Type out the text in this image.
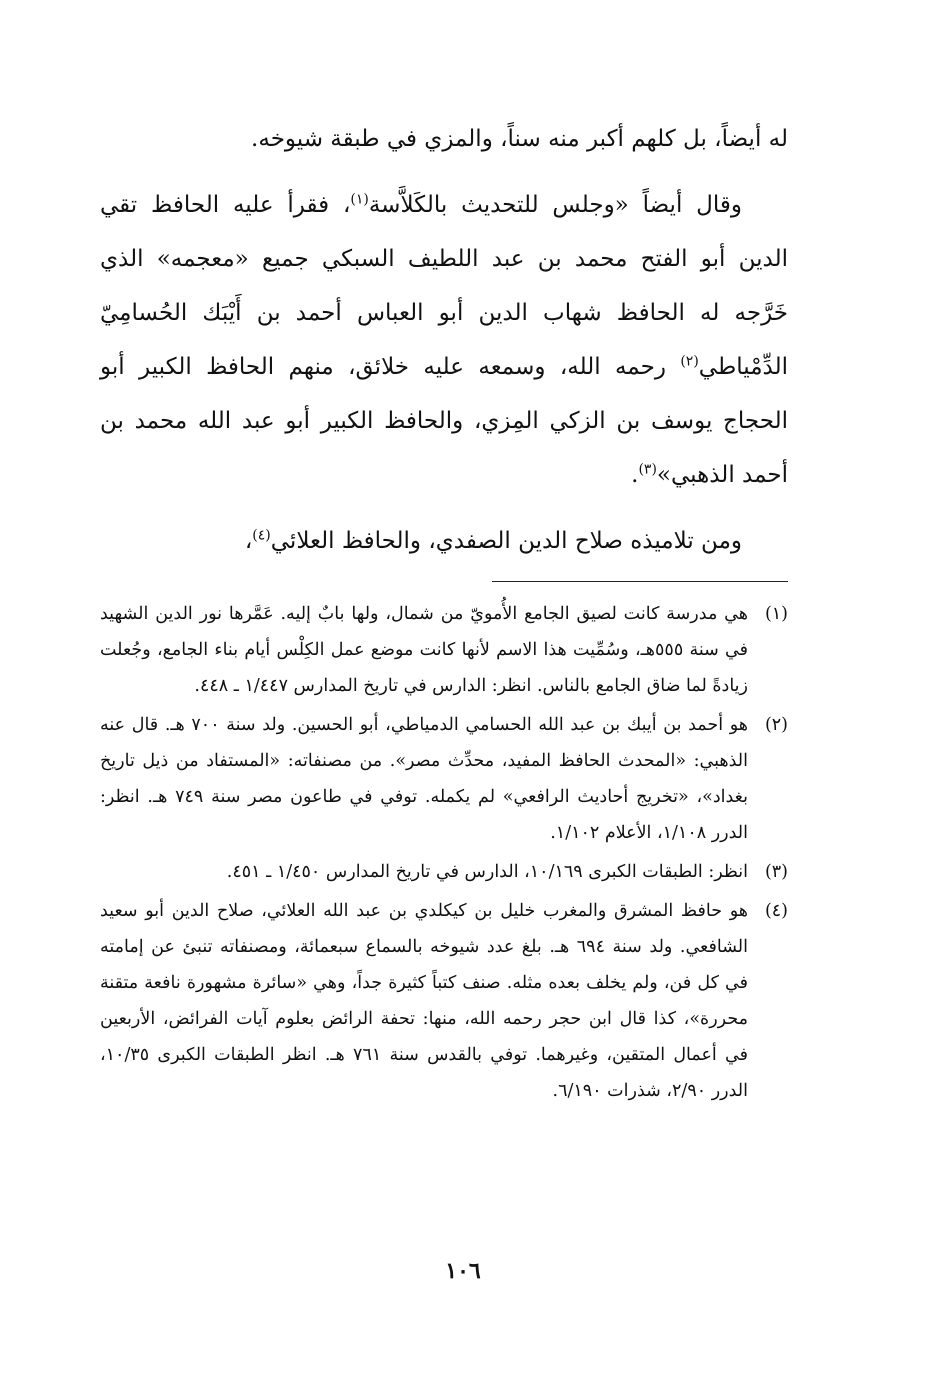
له أيضاً، بل كلهم أكبر منه سناً، والمزي في طبقة شيوخه.

وقال أيضاً «وجلس للتحديث بالكَلاَّسة$^{(١)}$، فقرأ عليه الحافظ تقي الدين أبو الفتح محمد بن عبد اللطيف السبكي جميع «معجمه» الذي خَرَّجه له الحافظ شهاب الدين أبو العباس أحمد بن أَيْبَك الحُسامِيّ الدِّمْياطي$^{(٢)}$ رحمه الله، وسمعه عليه خلائق، منهم الحافظ الكبير أبو الحجاج يوسف بن الزكي المِزي، والحافظ الكبير أبو عبد الله محمد بن أحمد الذهبي»$^{(٣)}$.

ومن تلاميذه صلاح الدين الصفدي، والحافظ العلائي$^{(٤)}$،

(١)
هي مدرسة كانت لصيق الجامع الأُمويّ من شمال، ولها بابٌ إليه. عَمَّرها نور الدين الشهيد في سنة ٥٥٥هـ، وسُمِّيت هذا الاسم لأنها كانت موضع عمل الكِلْس أيام بناء الجامع، وجُعلت زيادةً لما ضاق الجامع بالناس. انظر: الدارس في تاريخ المدارس ١/٤٤٧ ـ ٤٤٨.
(٢)
هو أحمد بن أيبك بن عبد الله الحسامي الدمياطي، أبو الحسين. ولد سنة ٧٠٠ هـ. قال عنه الذهبي: «المحدث الحافظ المفيد، محدِّث مصر». من مصنفاته: «المستفاد من ذيل تاريخ بغداد»، «تخريج أحاديث الرافعي» لم يكمله. توفي في طاعون مصر سنة ٧٤٩ هـ. انظر: الدرر ١/١٠٨، الأعلام ١/١٠٢.
(٣)
انظر: الطبقات الكبرى ١٠/١٦٩، الدارس في تاريخ المدارس ١/٤٥٠ ـ ٤٥١.
(٤)
هو حافظ المشرق والمغرب خليل بن كيكلدي بن عبد الله العلائي، صلاح الدين أبو سعيد الشافعي. ولد سنة ٦٩٤ هـ. بلغ عدد شيوخه بالسماع سبعمائة، ومصنفاته تنبئ عن إمامته في كل فن، ولم يخلف بعده مثله. صنف كتباً كثيرة جداً، وهي «سائرة مشهورة نافعة متقنة محررة»، كذا قال ابن حجر رحمه الله، منها: تحفة الرائض بعلوم آيات الفرائض، الأربعين في أعمال المتقين، وغيرهما. توفي بالقدس سنة ٧٦١ هـ. انظر الطبقات الكبرى ١٠/٣٥، الدرر ٢/٩٠، شذرات ٦/١٩٠.
١٠٦
